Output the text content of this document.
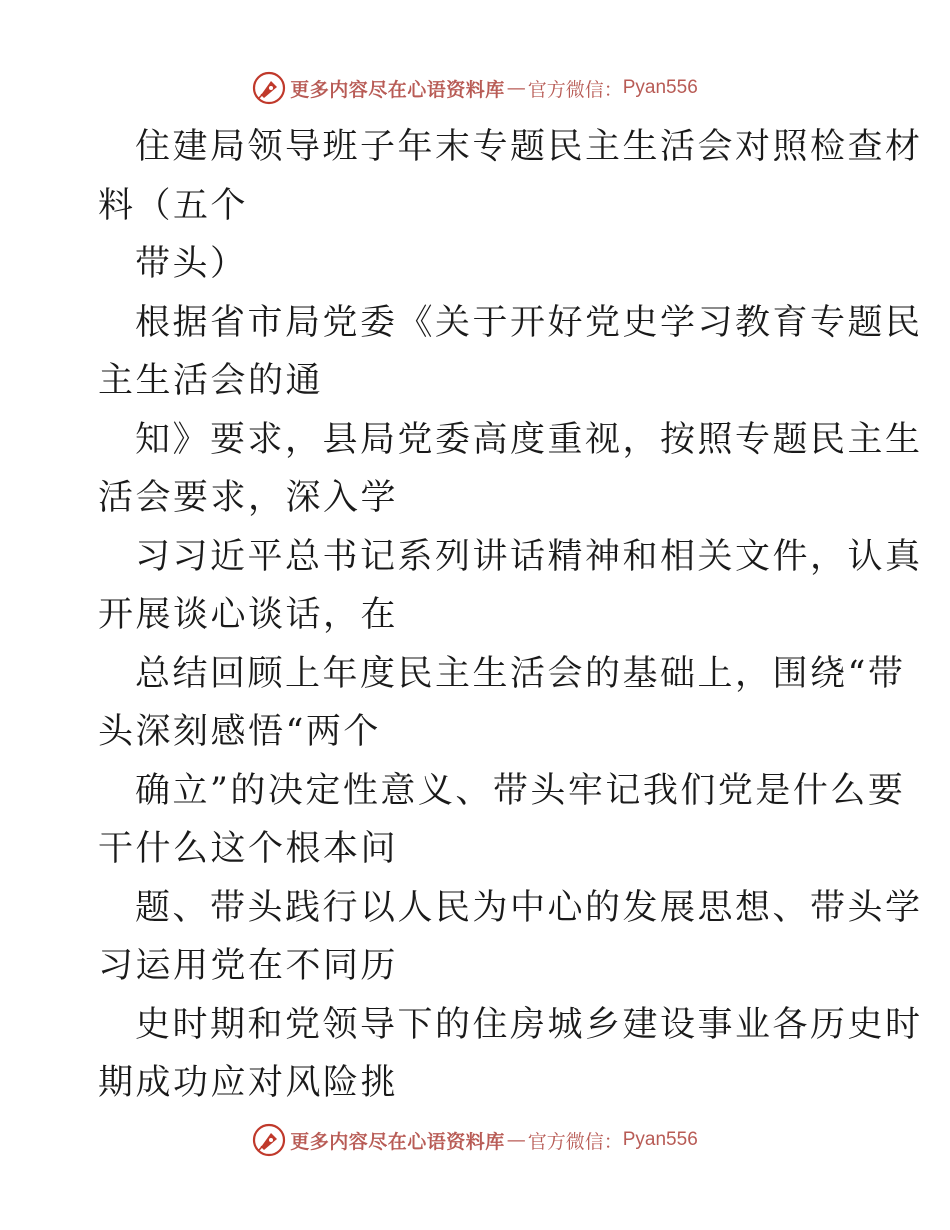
更多内容尽在心语资料库 — 官方微信： Pyan556
住建局领导班子年末专题民主生活会对照检查材
料（五个
带头）
根据省市局党委《关于开好党史学习教育专题民
主生活会的通
知》要求，县局党委高度重视，按照专题民主生
活会要求，深入学
习习近平总书记系列讲话精神和相关文件，认真
开展谈心谈话，在
总结回顾上年度民主生活会的基础上，围绕“带
头深刻感悟“两个
确立”的决定性意义、带头牢记我们党是什么要
干什么这个根本问
题、带头践行以人民为中心的发展思想、带头学
习运用党在不同历
史时期和党领导下的住房城乡建设事业各历史时
期成功应对风险挑
更多内容尽在心语资料库 — 官方微信： Pyan556
